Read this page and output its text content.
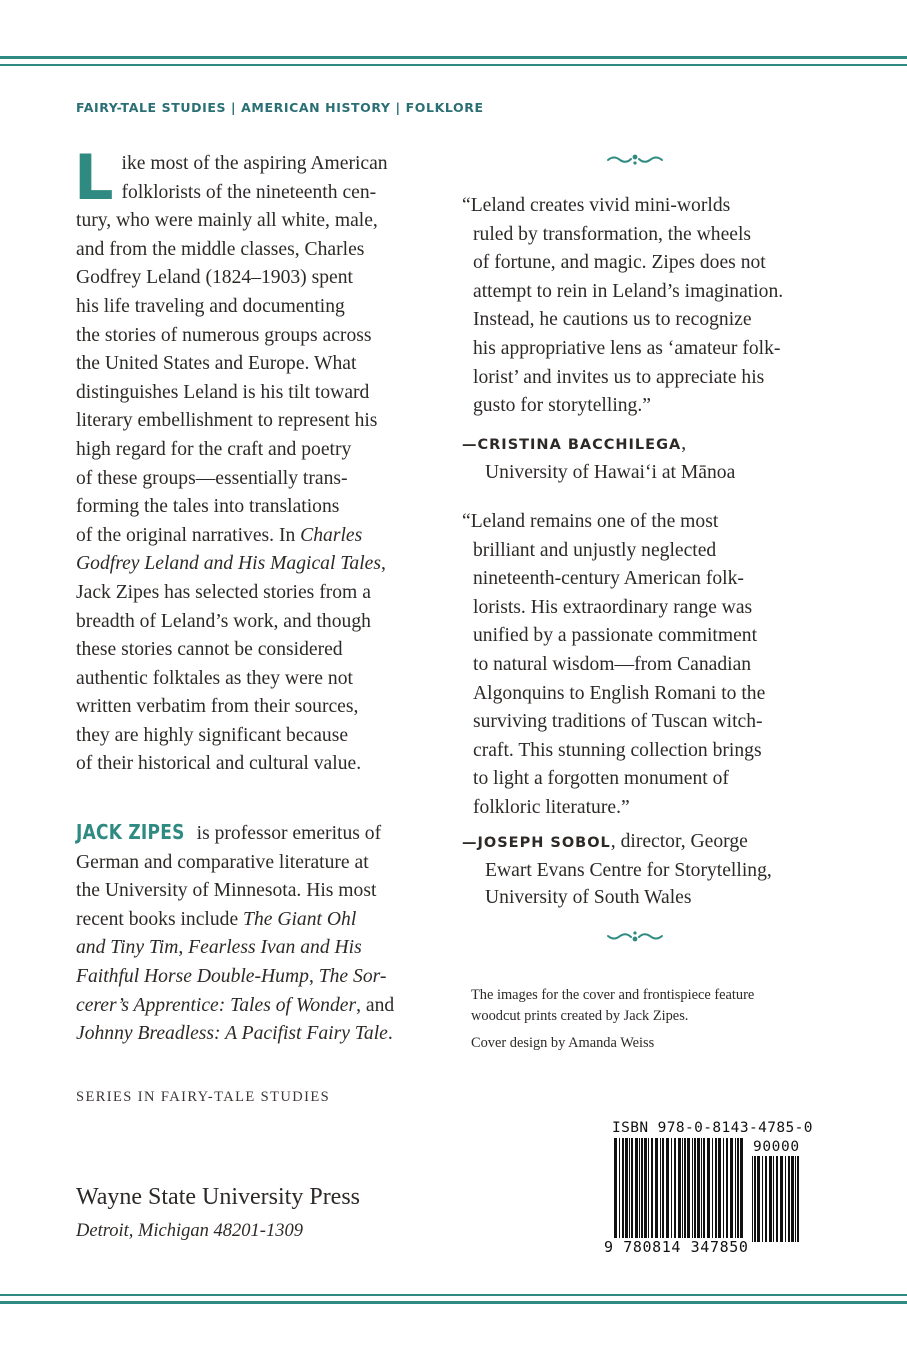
FAIRY-TALE STUDIES | AMERICAN HISTORY | FOLKLORE
L ike most of the aspiring American
folklorists of the nineteenth cen-
tury, who were mainly all white, male,
and from the middle classes, Charles
Godfrey Leland (1824–1903) spent
his life traveling and documenting
the stories of numerous groups across
the United States and Europe. What
distinguishes Leland is his tilt toward
literary embellishment to represent his
high regard for the craft and poetry
of these groups—essentially trans-
forming the tales into translations
of the original narratives. In Charles
Godfrey Leland and His Magical Tales,
Jack Zipes has selected stories from a
breadth of Leland’s work, and though
these stories cannot be considered
authentic folktales as they were not
written verbatim from their sources,
they are highly significant because
of their historical and cultural value.
JACK ZIPES is professor emeritus of
German and comparative literature at
the University of Minnesota. His most
recent books include The Giant Ohl
and Tiny Tim, Fearless Ivan and His
Faithful Horse Double-Hump, The Sor-
cerer’s Apprentice: Tales of Wonder, and
Johnny Breadless: A Pacifist Fairy Tale.
SERIES IN FAIRY-TALE STUDIES
Wayne State University Press
Detroit, Michigan 48201-1309
“Leland creates vivid mini-worlds
ruled by transformation, the wheels
of fortune, and magic. Zipes does not
attempt to rein in Leland’s imagination.
Instead, he cautions us to recognize
his appropriative lens as ‘amateur folk-
lorist’ and invites us to appreciate his
gusto for storytelling.”
—CRISTINA BACCHILEGA,
University of Hawai‘i at Mānoa
“Leland remains one of the most
brilliant and unjustly neglected
nineteenth-century American folk-
lorists. His extraordinary range was
unified by a passionate commitment
to natural wisdom—from Canadian
Algonquins to English Romani to the
surviving traditions of Tuscan witch-
craft. This stunning collection brings
to light a forgotten monument of
folkloric literature.”
—JOSEPH SOBOL, director, George
Ewart Evans Centre for Storytelling,
University of South Wales
The images for the cover and frontispiece feature
woodcut prints created by Jack Zipes.
Cover design by Amanda Weiss
ISBN 978-0-8143-4785-0
90000
9 780814 347850
